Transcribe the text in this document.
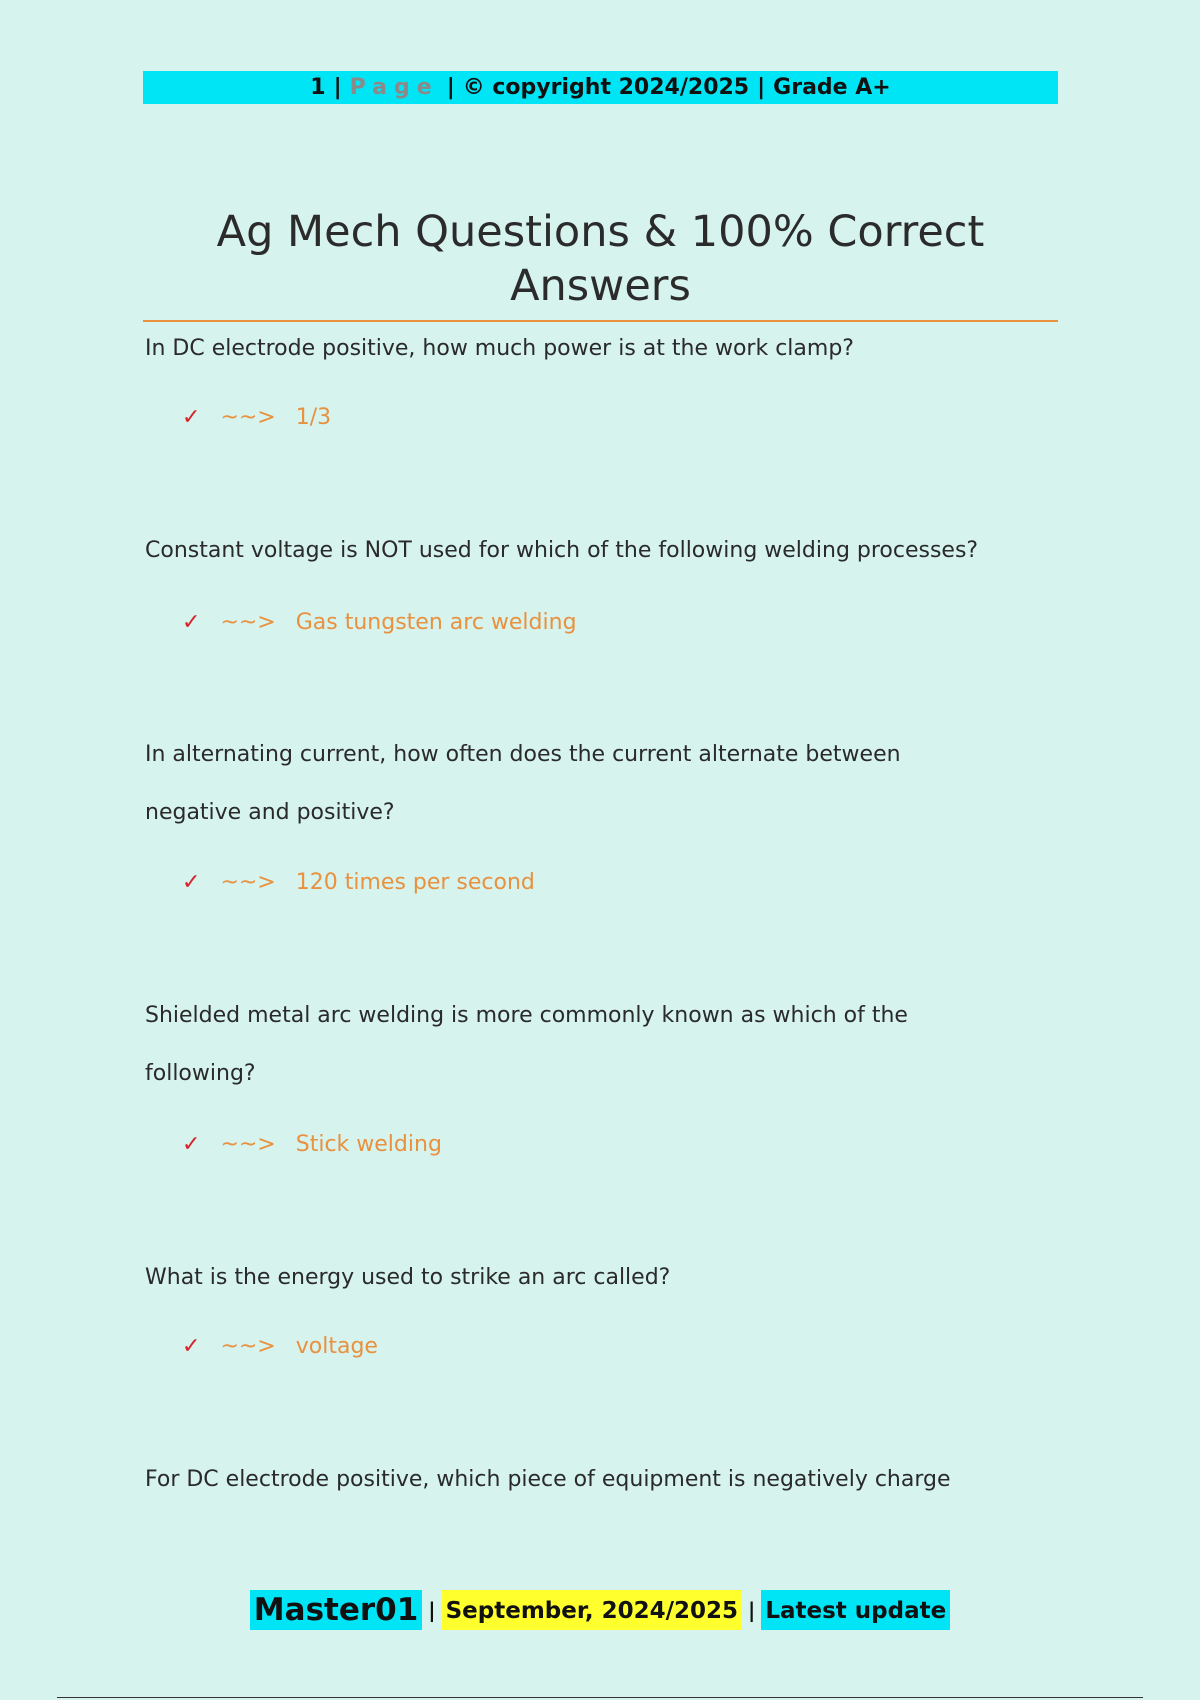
1 | Page | © copyright 2024/2025 | Grade A+
Ag Mech Questions & 100% Correct Answers
In DC electrode positive, how much power is at the work clamp?
✓ ~~> 1/3
Constant voltage is NOT used for which of the following welding processes?
✓ ~~> Gas tungsten arc welding
In alternating current, how often does the current alternate between negative and positive?
✓ ~~> 120 times per second
Shielded metal arc welding is more commonly known as which of the following?
✓ ~~> Stick welding
What is the energy used to strike an arc called?
✓ ~~> voltage
For DC electrode positive, which piece of equipment is negatively charge
Master01 | September, 2024/2025 | Latest update
